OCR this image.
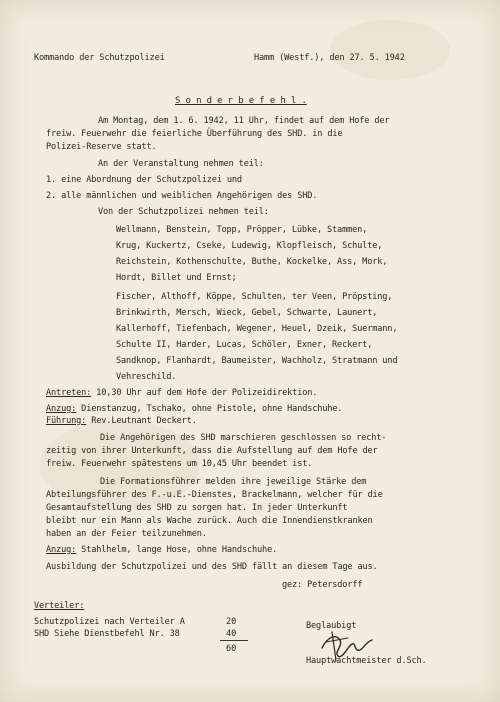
Kommando der Schutzpolizei	Hamm (Westf.), den 27. 5. 1942
S o n d e r b e f e h l .
Am Montag, dem 1. 6. 1942, 11 Uhr, findet auf dem Hofe der
freiw. Feuerwehr die feierliche Überführung des SHD. in die
Polizei-Reserve statt.
An der Veranstaltung nehmen teil:
1. eine Abordnung der Schutzpolizei und
2. alle männlichen und weiblichen Angehörigen des SHD.
Von der Schutzpolizei nehmen teil:
Wellmann, Benstein, Topp, Pröpper, Lübke, Stammen,
Krug, Kuckertz, Cseke, Ludewig, Klopfleisch, Schulte,
Reichstein, Kothenschulte, Buthe, Kockelke, Ass, Mork,
Hordt, Billet und Ernst;
Fischer, Althoff, Köppe, Schulten, ter Veen, Pröpsting,
Brinkwirth, Mersch, Wieck, Gebel, Schwarte, Launert,
Kallerhoff, Tiefenbach, Wegener, Heuel, Dzeik, Suermann,
Schulte II, Harder, Lucas, Schöler, Exner, Reckert,
Sandknop, Flanhardt, Baumeister, Wachholz, Stratmann und
Vehreschild.
Antreten: 10,30 Uhr auf dem Hofe der Polizeidirektion.
Anzug: Dienstanzug, Tschako, ohne Pistole, ohne Handschuhe.
Führung: Rev.Leutnant Deckert.
Die Angehörigen des SHD marschieren geschlossen so recht-
zeitig von ihrer Unterkunft, dass die Aufstellung auf dem Hofe der
freiw. Feuerwehr spätestens um 10,45 Uhr beendet ist.
Die Formationsführer melden ihre jeweilige Stärke dem
Abteilungsführer des F.-u.E.-Dienstes, Brackelmann, welcher für die
Gesamtaufstellung des SHD zu sorgen hat. In jeder Unterkunft
bleibt nur ein Mann als Wache zurück. Auch die Innendienstkranken
haben an der Feier teilzunehmen.
Anzug: Stahlhelm, lange Hose, ohne Handschuhe.
Ausbildung der Schutzpolizei und des SHD fällt an diesem Tage aus.
gez: Petersdorff
Verteiler:
Schutzpolizei nach Verteiler A
SHD Siehe Dienstbefehl Nr. 38
20
40
60
Beglaubigt
Hauptwachtmeister d.Sch.
